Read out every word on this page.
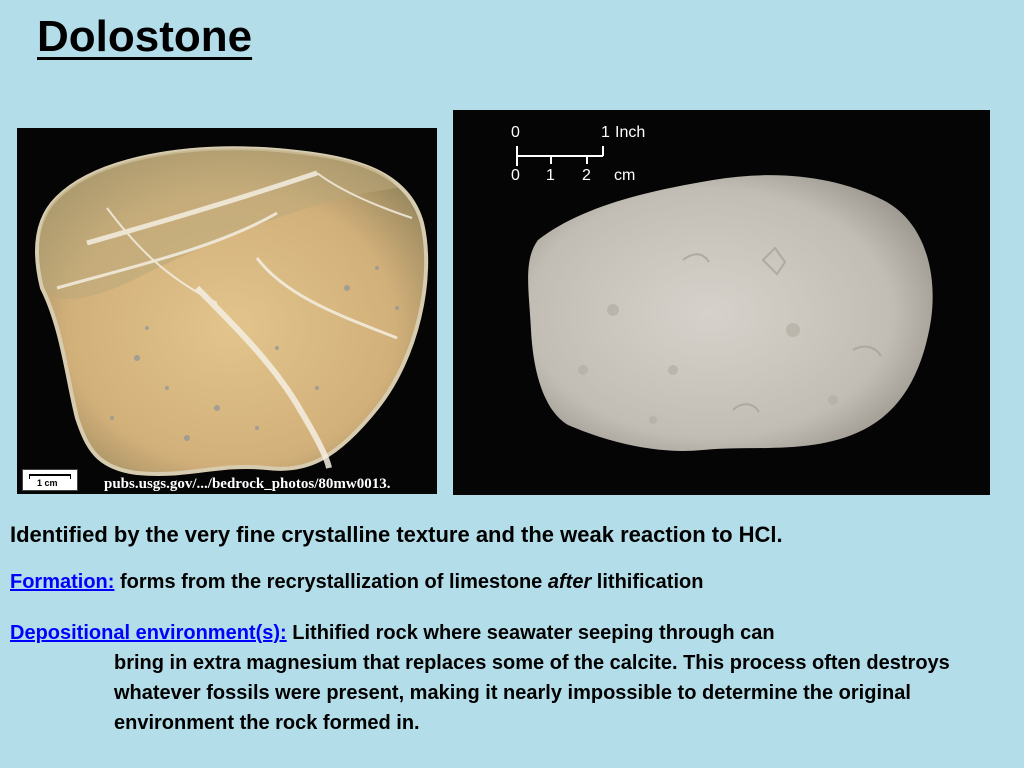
Dolostone
1 cm	pubs.usgs.gov/.../bedrock_photos/80mw0013.
0	1 Inch
0 1 2 cm
Identified by the very fine crystalline texture and the weak reaction to HCl.
Formation: forms from the recrystallization of limestone after lithification
Depositional environment(s): Lithified rock where seawater seeping through can
bring in extra magnesium that replaces some of the calcite. This process often destroys whatever fossils were present, making it nearly impossible to determine the original environment the rock formed in.
